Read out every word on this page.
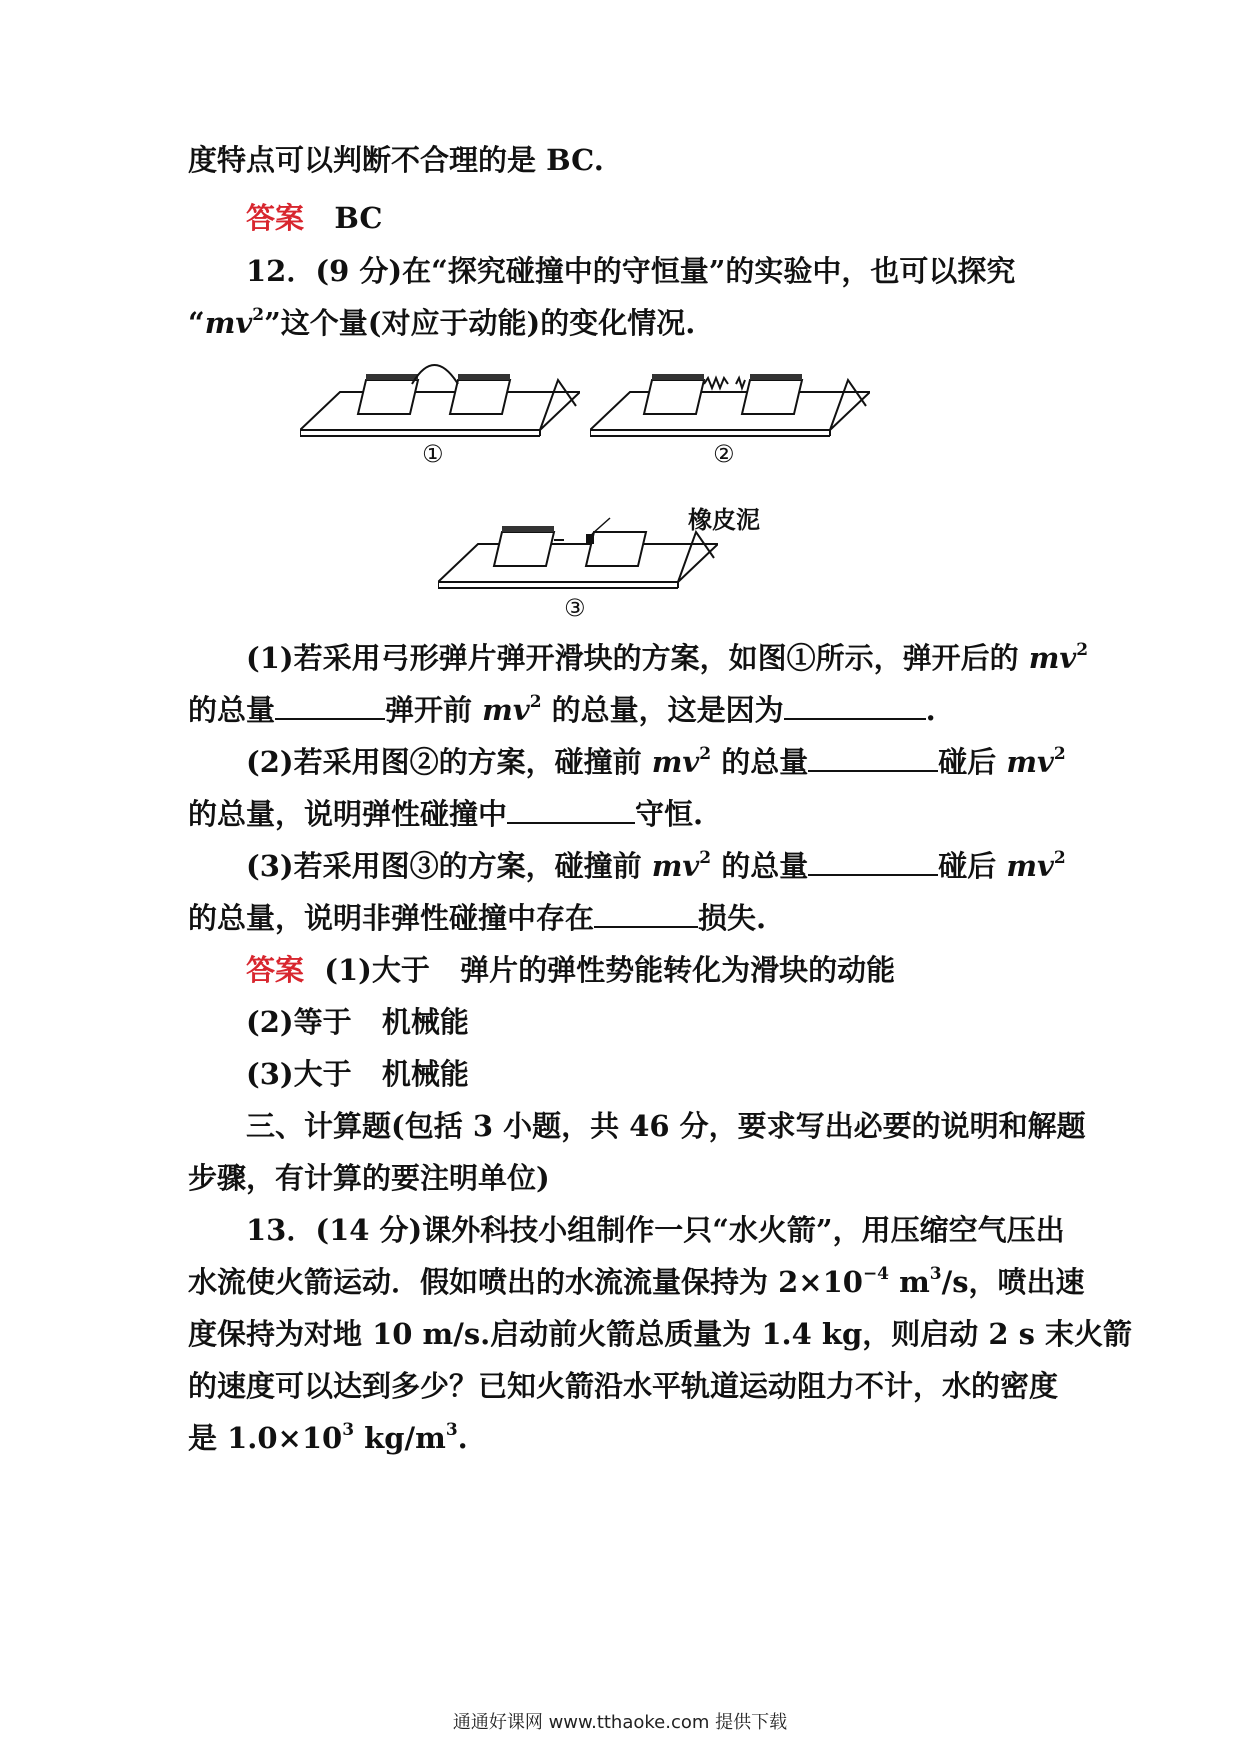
度特点可以判断不合理的是 BC.
答案 BC
12．(9 分)在“探究碰撞中的守恒量”的实验中，也可以探究
“$mv^2$”这个量(对应于动能)的变化情况.
①	②
橡皮泥
③
(1)若采用弓形弹片弹开滑块的方案，如图①所示，弹开后的 $mv^2$
的总量	弹开前 $mv^2$ 的总量，这是因为	.
(2)若采用图②的方案，碰撞前 $mv^2$ 的总量	碰后 $mv^2$
的总量，说明弹性碰撞中	守恒.
(3)若采用图③的方案，碰撞前 $mv^2$ 的总量	碰后 $mv^2$
的总量，说明非弹性碰撞中存在	损失.
答案 (1)大于 弹片的弹性势能转化为滑块的动能
(2)等于 机械能
(3)大于 机械能
三、计算题(包括 3 小题，共 46 分，要求写出必要的说明和解题
步骤，有计算的要注明单位)
13．(14 分)课外科技小组制作一只“水火箭”，用压缩空气压出
水流使火箭运动．假如喷出的水流流量保持为 $2\times 10^{-4}$ $m^3/s$，喷出速
度保持为对地 10 m/s.启动前火箭总质量为 1.4 kg，则启动 2 s 末火箭
的速度可以达到多少？已知火箭沿水平轨道运动阻力不计，水的密度
是 $1.0\times 10^3$ $kg/m^3$.
通通好课网 www.tthaoke.com 提供下载
